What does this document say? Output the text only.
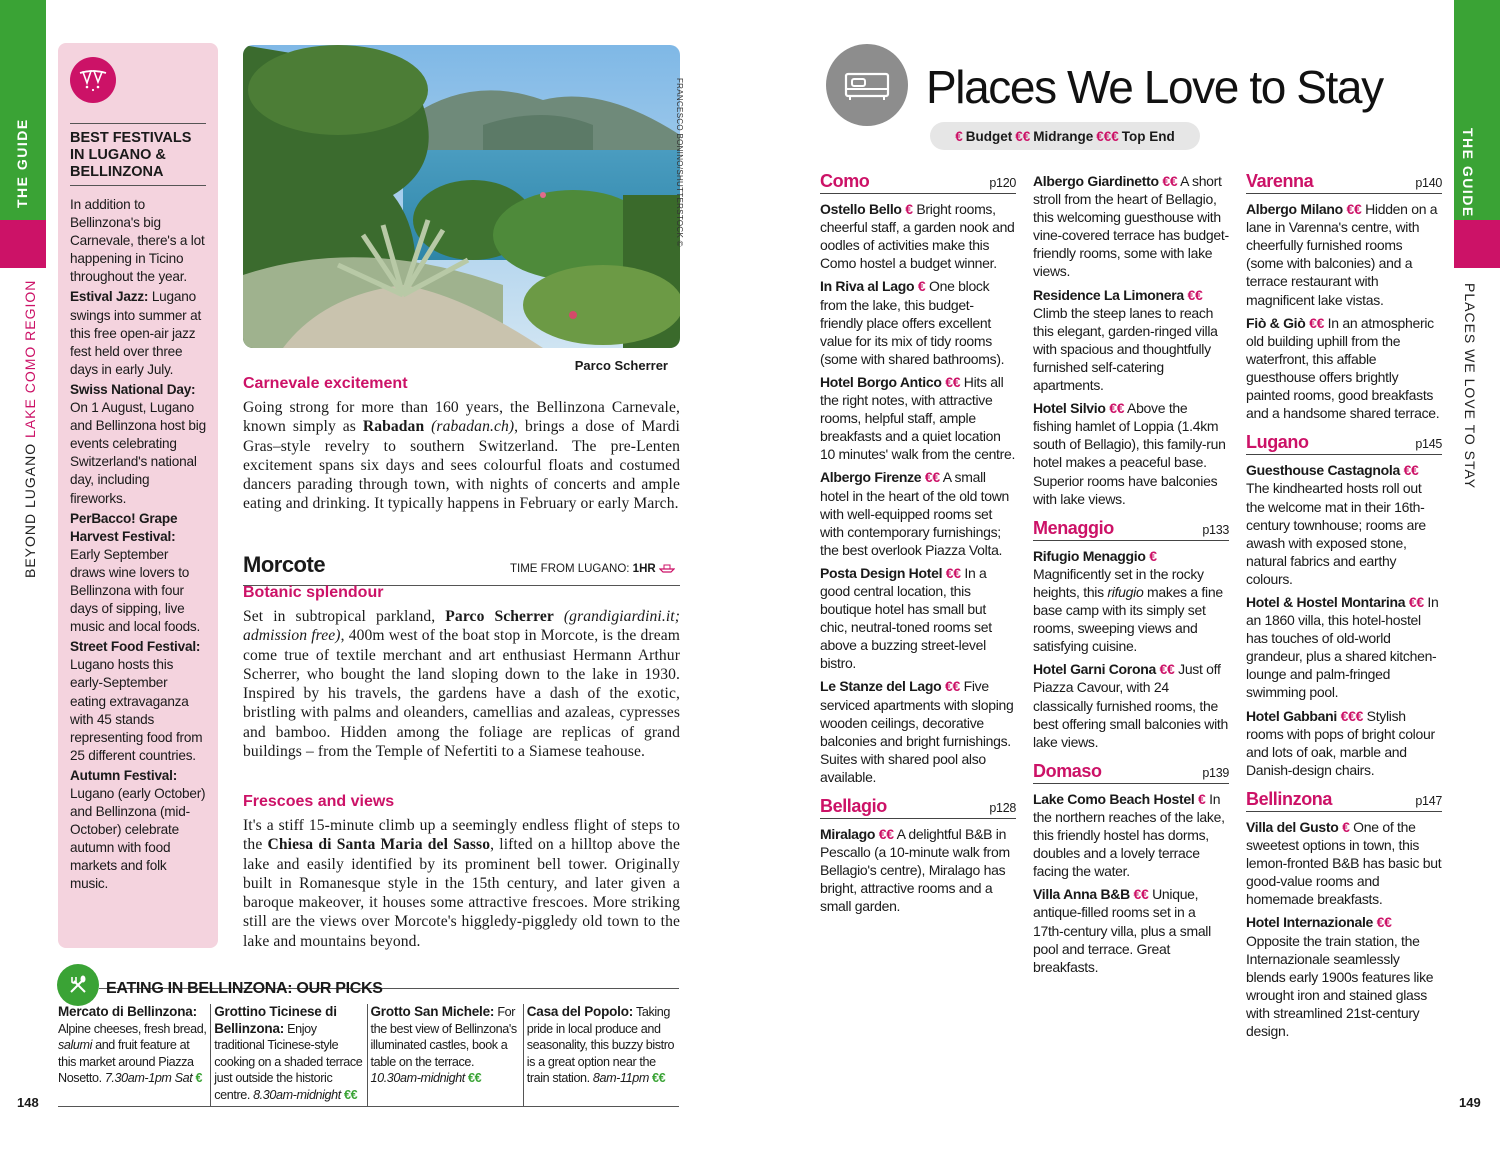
THE GUIDE
BEYOND LUGANO LAKE COMO REGION
BEST FESTIVALS IN LUGANO & BELLINZONA
In addition to Bellinzona's big Carnevale, there's a lot happening in Ticino throughout the year.
Estival Jazz: Lugano swings into summer at this free open-air jazz fest held over three days in early July.
Swiss National Day: On 1 August, Lugano and Bellinzona host big events celebrating Switzerland's national day, including fireworks.
PerBacco! Grape Harvest Festival: Early September draws wine lovers to Bellinzona with four days of sipping, live music and local foods.
Street Food Festival: Lugano hosts this early-September eating extravaganza with 45 stands representing food from 25 different countries.
Autumn Festival: Lugano (early October) and Bellinzona (mid-October) celebrate autumn with food markets and folk music.
FRANCESCO BONINO/SHUTTERSTOCK ©
Parco Scherrer
Carnevale excitement
Going strong for more than 160 years, the Bellinzona Carnevale, known simply as Rabadan (rabadan.ch), brings a dose of Mardi Gras–style revelry to southern Switzerland. The pre-Lenten excitement spans six days and sees colourful floats and costumed dancers parading through town, with nights of concerts and ample eating and drinking. It typically happens in February or early March.
Morcote	TIME FROM LUGANO: 1HR
Botanic splendour
Set in subtropical parkland, Parco Scherrer (grandigiardini.it; admission free), 400m west of the boat stop in Morcote, is the dream come true of textile merchant and art enthusiast Hermann Arthur Scherrer, who bought the land sloping down to the lake in 1930. Inspired by his travels, the gardens have a dash of the exotic, bristling with palms and oleanders, camellias and azaleas, cypresses and bamboo. Hidden among the foliage are replicas of grand buildings – from the Temple of Nefertiti to a Siamese teahouse.
Frescoes and views
It's a stiff 15-minute climb up a seemingly endless flight of steps to the Chiesa di Santa Maria del Sasso, lifted on a hilltop above the lake and easily identified by its prominent bell tower. Originally built in Romanesque style in the 15th century, and later given a baroque makeover, it houses some attractive frescoes. More striking still are the views over Morcote's higgledy-piggledy old town to the lake and mountains beyond.
EATING IN BELLINZONA: OUR PICKS
Mercato di Bellinzona: Alpine cheeses, fresh bread, salumi and fruit feature at this market around Piazza Nosetto. 7.30am-1pm Sat €
Grottino Ticinese di Bellinzona: Enjoy traditional Ticinese-style cooking on a shaded terrace just outside the historic centre. 8.30am-midnight €€
Grotto San Michele: For the best view of Bellinzona's illuminated castles, book a table on the terrace. 10.30am-midnight €€
Casa del Popolo: Taking pride in local produce and seasonality, this buzzy bistro is a great option near the train station. 8am-11pm €€
148
THE GUIDE
PLACES WE LOVE TO STAY
Places We Love to Stay
€ Budget €€ Midrange €€€ Top End
Como	p120
Ostello Bello € Bright rooms, cheerful staff, a garden nook and oodles of activities make this Como hostel a budget winner.
In Riva al Lago € One block from the lake, this budget-friendly place offers excellent value for its mix of tidy rooms (some with shared bathrooms).
Hotel Borgo Antico €€ Hits all the right notes, with attractive rooms, helpful staff, ample breakfasts and a quiet location 10 minutes' walk from the centre.
Albergo Firenze €€ A small hotel in the heart of the old town with well-equipped rooms set with contemporary furnishings; the best overlook Piazza Volta.
Posta Design Hotel €€ In a good central location, this boutique hotel has small but chic, neutral-toned rooms set above a buzzing street-level bistro.
Le Stanze del Lago €€ Five serviced apartments with sloping wooden ceilings, decorative balconies and bright furnishings. Suites with shared pool also available.
Bellagio	p128
Miralago €€ A delightful B&B in Pescallo (a 10-minute walk from Bellagio's centre), Miralago has bright, attractive rooms and a small garden.
Albergo Giardinetto €€ A short stroll from the heart of Bellagio, this welcoming guesthouse with vine-covered terrace has budget-friendly rooms, some with lake views.
Residence La Limonera €€ Climb the steep lanes to reach this elegant, garden-ringed villa with spacious and thoughtfully furnished self-catering apartments.
Hotel Silvio €€ Above the fishing hamlet of Loppia (1.4km south of Bellagio), this family-run hotel makes a peaceful base. Superior rooms have balconies with lake views.
Menaggio	p133
Rifugio Menaggio € Magnificently set in the rocky heights, this rifugio makes a fine base camp with its simply set rooms, sweeping views and satisfying cuisine.
Hotel Garni Corona €€ Just off Piazza Cavour, with 24 classically furnished rooms, the best offering small balconies with lake views.
Domaso	p139
Lake Como Beach Hostel € In the northern reaches of the lake, this friendly hostel has dorms, doubles and a lovely terrace facing the water.
Villa Anna B&B €€ Unique, antique-filled rooms set in a 17th-century villa, plus a small pool and terrace. Great breakfasts.
Varenna	p140
Albergo Milano €€ Hidden on a lane in Varenna's centre, with cheerfully furnished rooms (some with balconies) and a terrace restaurant with magnificent lake vistas.
Fiò & Giò €€ In an atmospheric old building uphill from the waterfront, this affable guesthouse offers brightly painted rooms, good breakfasts and a handsome shared terrace.
Lugano	p145
Guesthouse Castagnola €€ The kindhearted hosts roll out the welcome mat in their 16th-century townhouse; rooms are awash with exposed stone, natural fabrics and earthy colours.
Hotel & Hostel Montarina €€ In an 1860 villa, this hotel-hostel has touches of old-world grandeur, plus a shared kitchen-lounge and palm-fringed swimming pool.
Hotel Gabbani €€€ Stylish rooms with pops of bright colour and lots of oak, marble and Danish-design chairs.
Bellinzona	p147
Villa del Gusto € One of the sweetest options in town, this lemon-fronted B&B has basic but good-value rooms and homemade breakfasts.
Hotel Internazionale €€ Opposite the train station, the Internazionale seamlessly blends early 1900s features like wrought iron and stained glass with streamlined 21st-century design.
149
